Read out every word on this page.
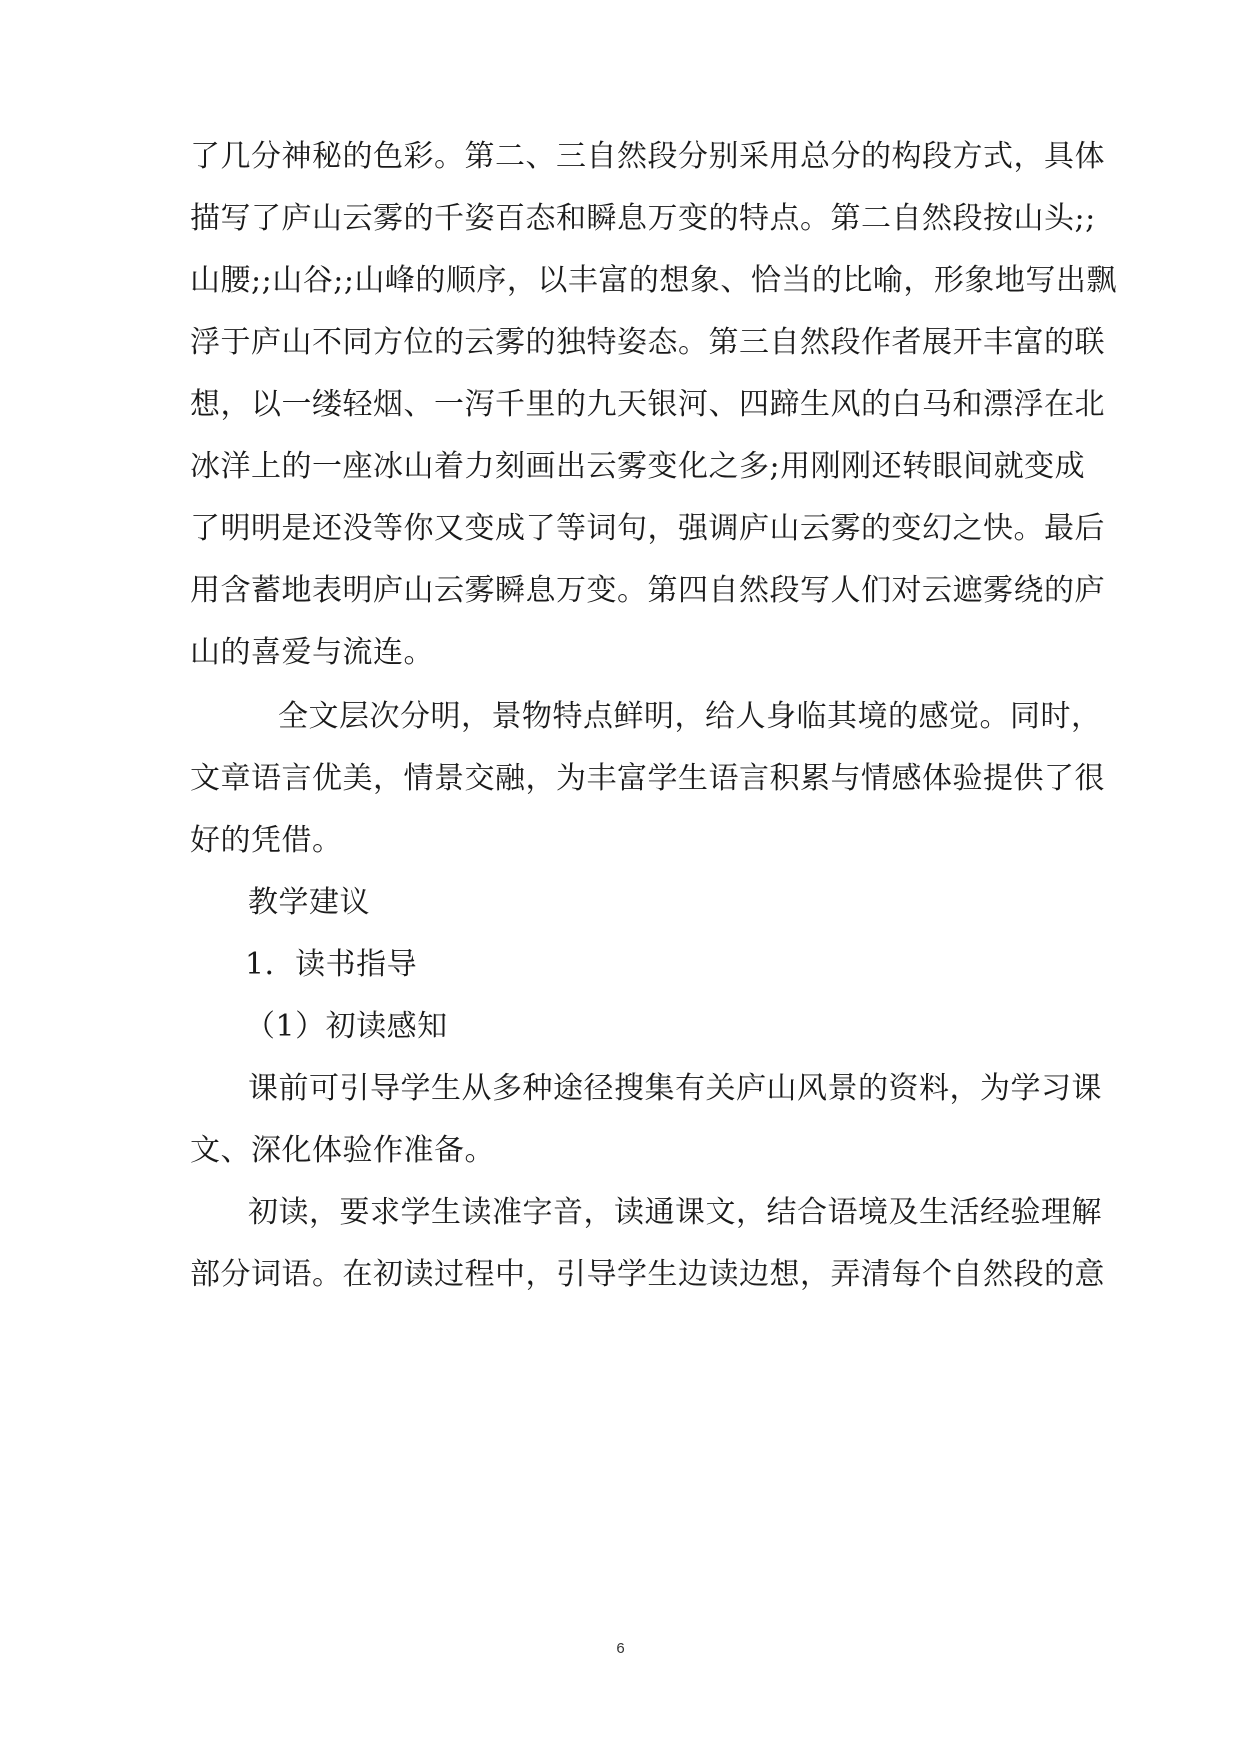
了几分神秘的色彩。第二、三自然段分别采用总分的构段方式，具体
描写了庐山云雾的千姿百态和瞬息万变的特点。第二自然段按山头;;
山腰;;山谷;;山峰的顺序，以丰富的想象、恰当的比喻，形象地写出飘
浮于庐山不同方位的云雾的独特姿态。第三自然段作者展开丰富的联
想，以一缕轻烟、一泻千里的九天银河、四蹄生风的白马和漂浮在北
冰洋上的一座冰山着力刻画出云雾变化之多;用刚刚还转眼间就变成
了明明是还没等你又变成了等词句，强调庐山云雾的变幻之快。最后
用含蓄地表明庐山云雾瞬息万变。第四自然段写人们对云遮雾绕的庐
山的喜爱与流连。
全文层次分明，景物特点鲜明，给人身临其境的感觉。同时，
文章语言优美，情景交融，为丰富学生语言积累与情感体验提供了很
好的凭借。
教学建议
1．读书指导
（1）初读感知
课前可引导学生从多种途径搜集有关庐山风景的资料，为学习课
文、深化体验作准备。
初读，要求学生读准字音，读通课文，结合语境及生活经验理解
部分词语。在初读过程中，引导学生边读边想，弄清每个自然段的意
6
